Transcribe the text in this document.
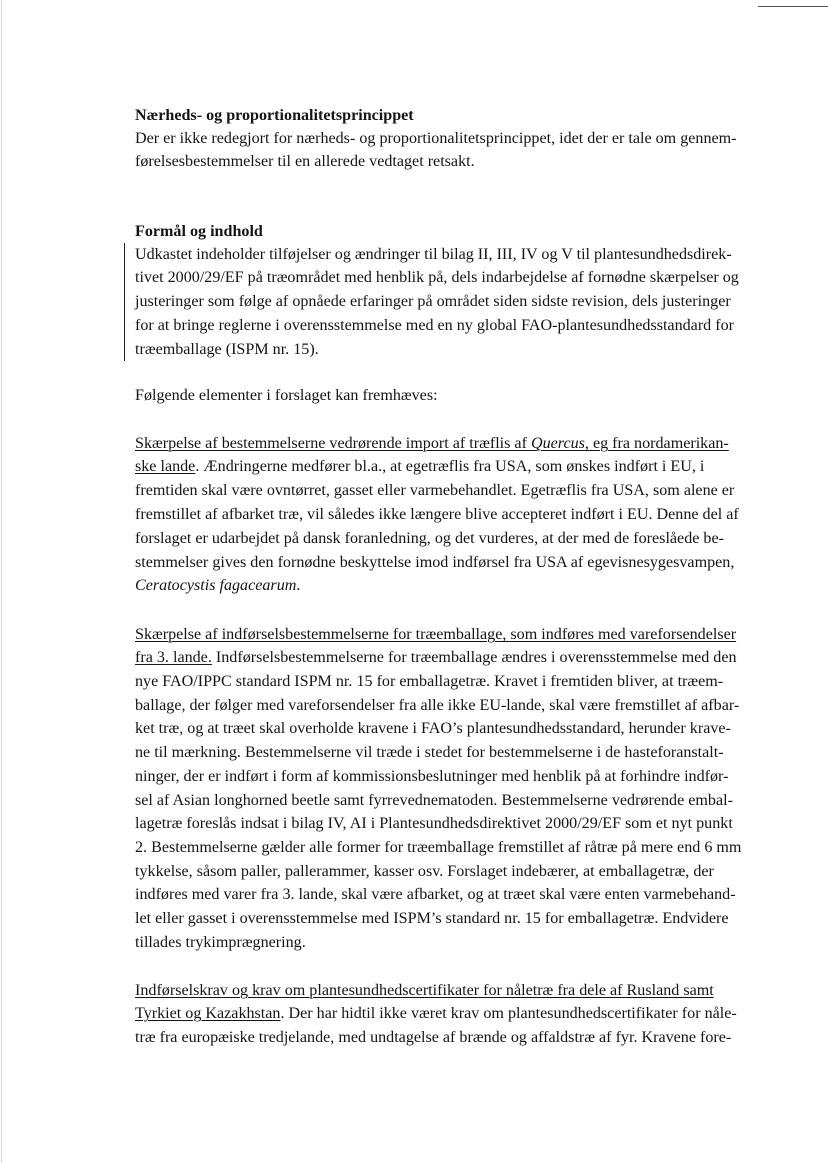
Nærheds- og proportionalitetsprincippet
Der er ikke redegjort for nærheds- og proportionalitetsprincippet, idet der er tale om gennem-
førelsesbestemmelser til en allerede vedtaget retsakt.
Formål og indhold
Udkastet indeholder tilføjelser og ændringer til bilag II, III, IV og V til plantesundhedsdirek-
tivet 2000/29/EF på træområdet med henblik på, dels indarbejdelse af fornødne skærpelser og
justeringer som følge af opnåede erfaringer på området siden sidste revision, dels justeringer
for at bringe reglerne i overensstemmelse med en ny global FAO-plantesundhedsstandard for
træemballage (ISPM nr. 15).
Følgende elementer i forslaget kan fremhæves:
Skærpelse af bestemmelserne vedrørende import af træflis af Quercus, eg fra nordamerikan-
ske lande. Ændringerne medfører bl.a., at egetræflis fra USA, som ønskes indført i EU, i
fremtiden skal være ovntørret, gasset eller varmebehandlet. Egetræflis fra USA, som alene er
fremstillet af afbarket træ, vil således ikke længere blive accepteret indført i EU. Denne del af
forslaget er udarbejdet på dansk foranledning, og det vurderes, at der med de foreslåede be-
stemmelser gives den fornødne beskyttelse imod indførsel fra USA af egevisnesygesvampen,
Ceratocystis fagacearum.
Skærpelse af indførselsbestemmelserne for træemballage, som indføres med vareforsendelser
fra 3. lande. Indførselsbestemmelserne for træemballage ændres i overensstemmelse med den
nye FAO/IPPC standard ISPM nr. 15 for emballagetræ. Kravet i fremtiden bliver, at træem-
ballage, der følger med vareforsendelser fra alle ikke EU-lande, skal være fremstillet af afbar-
ket træ, og at træet skal overholde kravene i FAO’s plantesundhedsstandard, herunder krave-
ne til mærkning. Bestemmelserne vil træde i stedet for bestemmelserne i de hasteforanstalt-
ninger, der er indført i form af kommissionsbeslutninger med henblik på at forhindre indfør-
sel af Asian longhorned beetle samt fyrrevednematoden. Bestemmelserne vedrørende embal-
lagetræ foreslås indsat i bilag IV, AI i Plantesundhedsdirektivet 2000/29/EF som et nyt punkt
2. Bestemmelserne gælder alle former for træemballage fremstillet af råtræ på mere end 6 mm
tykkelse, såsom paller, pallerammer, kasser osv. Forslaget indebærer, at emballagetræ, der
indføres med varer fra 3. lande, skal være afbarket, og at træet skal være enten varmebehand-
let eller gasset i overensstemmelse med ISPM’s standard nr. 15 for emballagetræ. Endvidere
tillades trykimprægnering.
Indførselskrav og krav om plantesundhedscertifikater for nåletræ fra dele af Rusland samt
Tyrkiet og Kazakhstan. Der har hidtil ikke været krav om plantesundhedscertifikater for nåle-
træ fra europæiske tredjelande, med undtagelse af brænde og affaldstræ af fyr. Kravene fore-
